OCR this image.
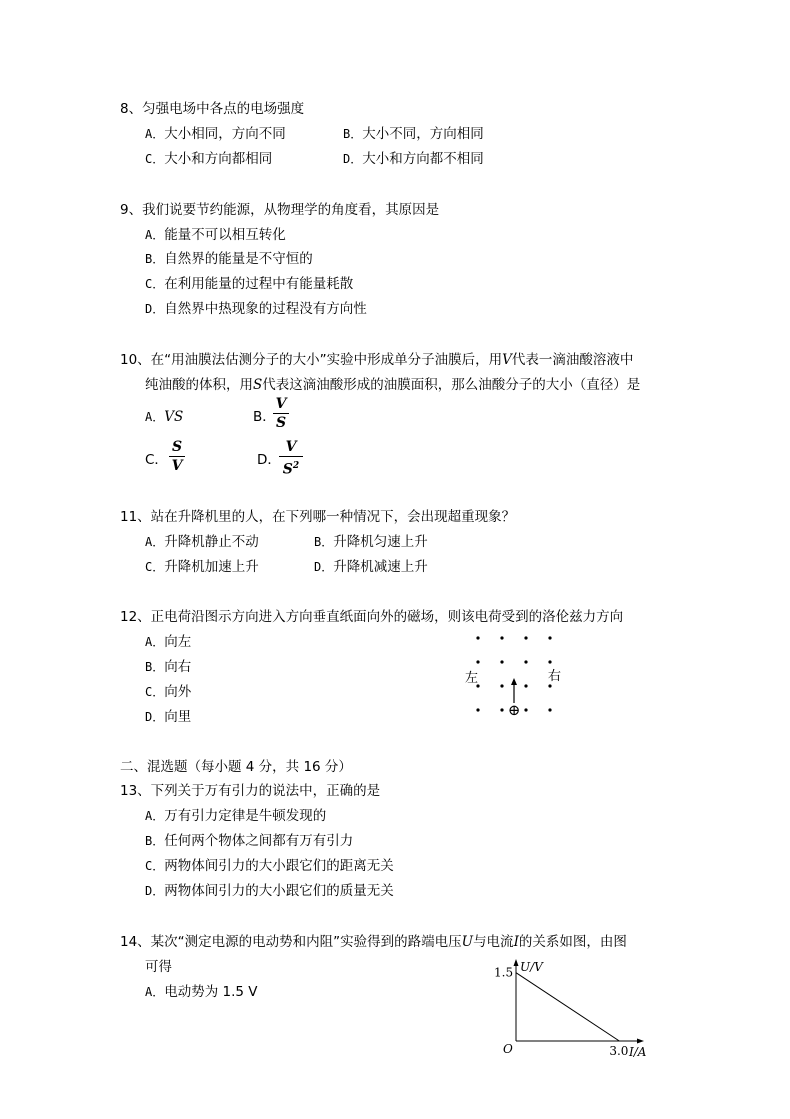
8、匀强电场中各点的电场强度
A．大小相同，方向不同	B．大小不同，方向相同
C．大小和方向都相同	D．大小和方向都不相同
9、我们说要节约能源，从物理学的角度看，其原因是
A．能量不可以相互转化
B．自然界的能量是不守恒的
C．在利用能量的过程中有能量耗散
D．自然界中热现象的过程没有方向性
10、在“用油膜法估测分子的大小”实验中形成单分子油膜后，用V代表一滴油酸溶液中
纯油酸的体积，用S代表这滴油酸形成的油膜面积，那么油酸分子的大小（直径）是
A．VS	B．
V
S
C．
S
V	D．
V
$S^2$
11、站在升降机里的人，在下列哪一种情况下，会出现超重现象？
A．升降机静止不动	B．升降机匀速上升
C．升降机加速上升	D．升降机减速上升
12、正电荷沿图示方向进入方向垂直纸面向外的磁场，则该电荷受到的洛伦兹力方向
A．向左
B．向右
C．向外
D．向里
左	右
⊕
二、混选题（每小题 4 分，共 16 分）
13、下列关于万有引力的说法中，正确的是
A．万有引力定律是牛顿发现的
B．任何两个物体之间都有万有引力
C．两物体间引力的大小跟它们的距离无关
D．两物体间引力的大小跟它们的质量无关
14、某次“测定电源的电动势和内阻”实验得到的路端电压U与电流I的关系如图，由图
可得
A．电动势为 1.5 V
U/V
I/A
O
1.5
3.0
